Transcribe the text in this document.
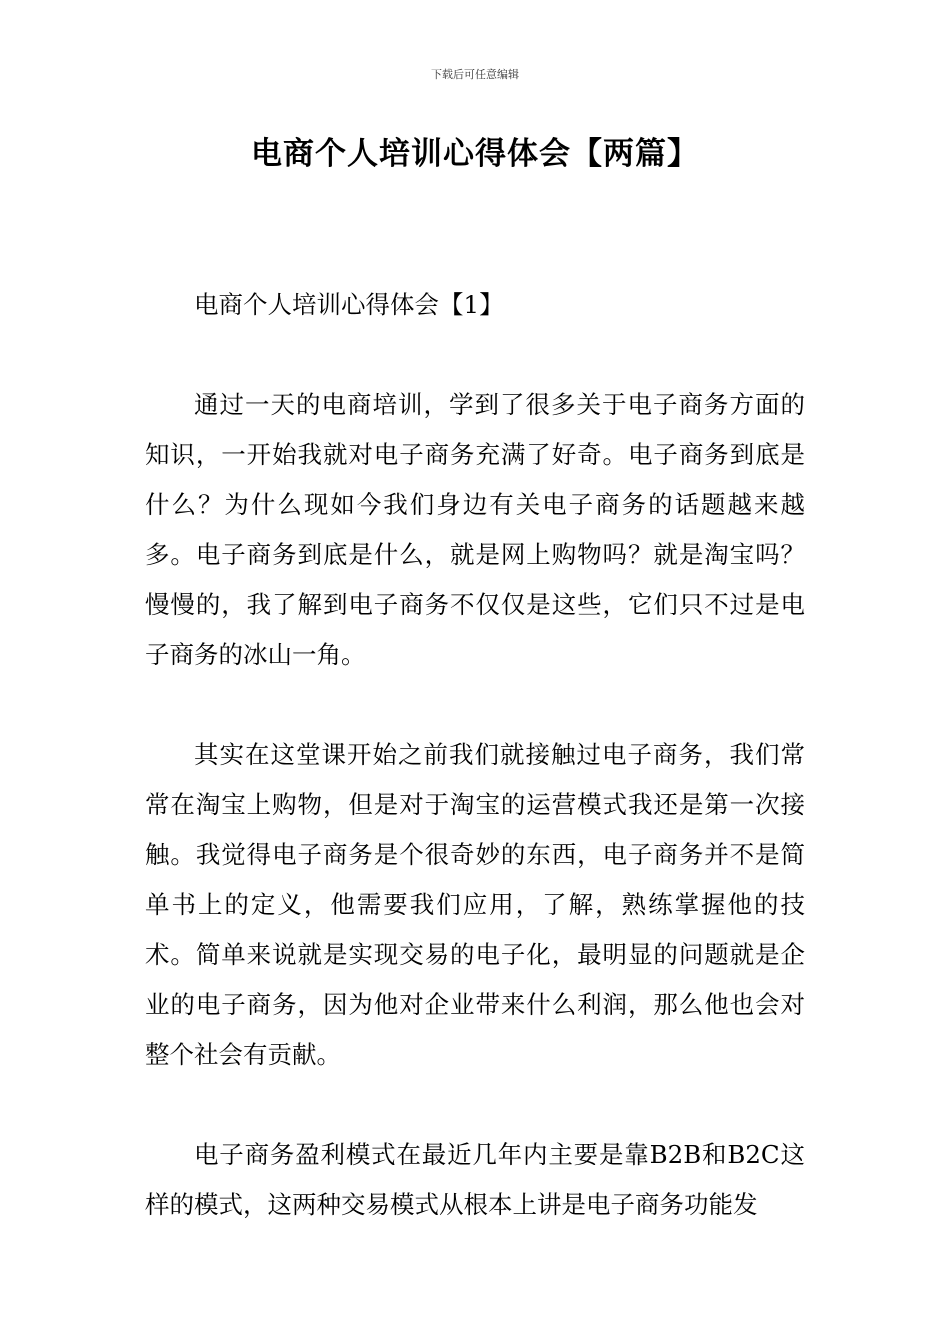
下载后可任意编辑
电商个人培训心得体会【两篇】

电商个人培训心得体会【1】

通过一天的电商培训，学到了很多关于电子商务方面的知识，一开始我就对电子商务充满了好奇。电子商务到底是什么？为什么现如今我们身边有关电子商务的话题越来越多。电子商务到底是什么，就是网上购物吗？就是淘宝吗？慢慢的，我了解到电子商务不仅仅是这些，它们只不过是电子商务的冰山一角。

其实在这堂课开始之前我们就接触过电子商务，我们常常在淘宝上购物，但是对于淘宝的运营模式我还是第一次接触。我觉得电子商务是个很奇妙的东西，电子商务并不是简单书上的定义，他需要我们应用，了解，熟练掌握他的技术。简单来说就是实现交易的电子化，最明显的问题就是企业的电子商务，因为他对企业带来什么利润，那么他也会对整个社会有贡献。

电子商务盈利模式在最近几年内主要是靠B2B和B2C这样的模式，这两种交易模式从根本上讲是电子商务功能发
